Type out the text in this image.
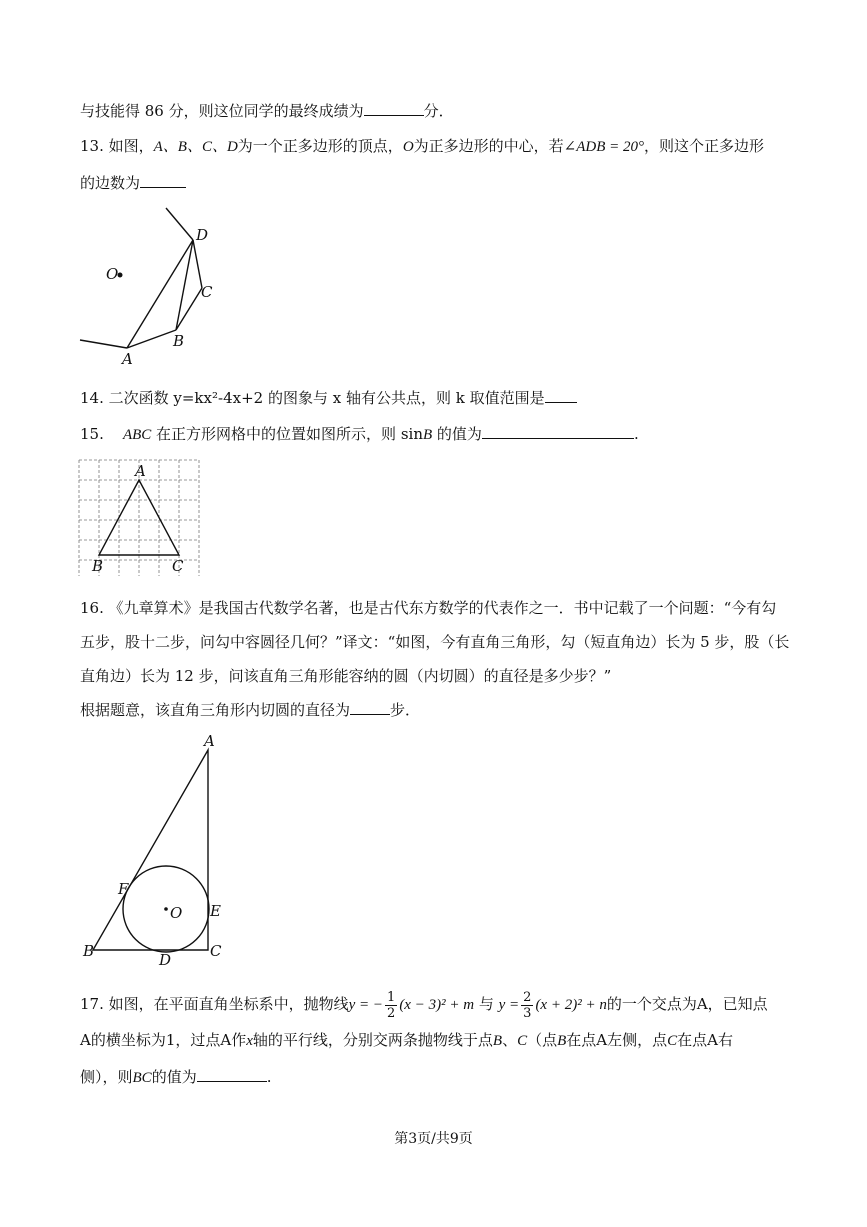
与技能得 86 分，则这位同学的最终成绩为	分．
13. 如图，A、B、C、D为一个正多边形的顶点，O为正多边形的中心，若∠ADB = 20°，则这个正多边形
的边数为
O
A
B
C
D
14. 二次函数 y=kx²-4x+2 的图象与 x 轴有公共点，则 k 取值范围是
15. ABC 在正方形网格中的位置如图所示，则 sinB 的值为	.
A
B	C
16. 《九章算术》是我国古代数学名著，也是古代东方数学的代表作之一．书中记载了一个问题：“今有勾
五步，股十二步，问勾中容圆径几何？”译文：“如图，今有直角三角形，勾（短直角边）长为 5 步，股（长
直角边）长为 12 步，问该直角三角形能容纳的圆（内切圆）的直径是多少步？”
根据题意，该直角三角形内切圆的直径为	步．
A
B	C
D
E
F
O
17. 如图，在平面直角坐标系中，抛物线y = − $\frac{1}{2} (x - 3)^2 + m$ 与 $y = \frac{2}{3} (x + 2)^2 + n$的一个交点为A，已知点
A的横坐标为1，过点A作x轴的平行线，分别交两条抛物线于点B、C（点B在点A左侧，点C在点A右
侧），则BC的值为	.
第3页/共9页
